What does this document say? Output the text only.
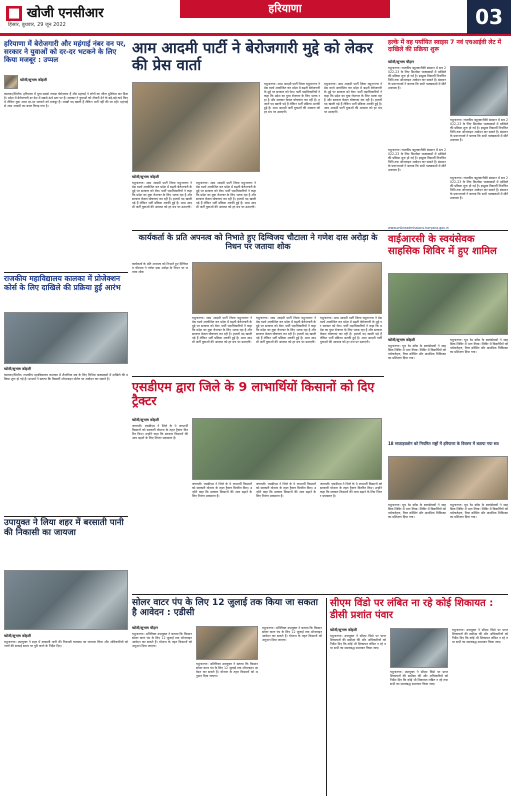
■ खोजी एनसीआर
हिसार, बुधवार, 29 जून 2022
हरियाणा	03
हरियाणा में बेरोजगारी और महंगाई नंबर वन पर, सरकार ने युवाओं को दर-दर भटकने के लिए किया मजबूर : उप्पल
खोजी/सुभाष कोहली
कालका/पिंजौर। हरियाणा में युवा सबसे ज्यादा बेरोजगार हैं और महंगाई ने लोगों का जीना मुश्किल कर दिया है। प्रदेश में बेरोजगारी दर देश में सबसे ऊंचे स्तर पर है। सरकार ने युवाओं को नौकरी देने के बड़े-बड़े वादे किए थे लेकिन युवा आज दर-दर भटकने को मजबूर हैं। लाखों पद खाली हैं लेकिन भर्ती नहीं की जा रही। महंगाई से आम आदमी का बजट बिगड़ गया है।
आम आदमी पार्टी ने बेरोजगारी मुद्दे को लेकर की प्रेस वार्ता
खोजी/सुभाष कोहली
यमुनानगर। आम आदमी पार्टी जिला यमुनानगर ने प्रेस वार्ता आयोजित कर प्रदेश में बढ़ती बेरोजगारी के मुद्दे पर सरकार को घेरा। पार्टी पदाधिकारियों ने कहा कि प्रदेश का युवा रोजगार के लिए भटक रहा है और सरकार केवल घोषणाएं कर रही है। हजारों पद खाली पड़े हैं लेकिन भर्ती प्रक्रिया अटकी हुई है। आम आदमी पार्टी युवाओं की आवाज को हर मंच पर उठाएगी।
यमुनानगर। आम आदमी पार्टी जिला यमुनानगर ने प्रेस वार्ता आयोजित कर प्रदेश में बढ़ती बेरोजगारी के मुद्दे पर सरकार को घेरा। पार्टी पदाधिकारियों ने कहा कि प्रदेश का युवा रोजगार के लिए भटक रहा है और सरकार केवल घोषणाएं कर रही है। हजारों पद खाली पड़े हैं लेकिन भर्ती प्रक्रिया अटकी हुई है। आम आदमी पार्टी युवाओं की आवाज को हर मंच पर उठाएगी।
यमुनानगर। आम आदमी पार्टी जिला यमुनानगर ने प्रेस वार्ता आयोजित कर प्रदेश में बढ़ती बेरोजगारी के मुद्दे पर सरकार को घेरा। पार्टी पदाधिकारियों ने कहा कि प्रदेश का युवा रोजगार के लिए भटक रहा है और सरकार केवल घोषणाएं कर रही है। हजारों पद खाली पड़े हैं लेकिन भर्ती प्रक्रिया अटकी हुई है। आम आदमी पार्टी युवाओं की आवाज को हर मंच पर उठाएगी।
यमुनानगर। आम आदमी पार्टी जिला यमुनानगर ने प्रेस वार्ता आयोजित कर प्रदेश में बढ़ती बेरोजगारी के मुद्दे पर सरकार को घेरा। पार्टी पदाधिकारियों ने कहा कि प्रदेश का युवा रोजगार के लिए भटक रहा है और सरकार केवल घोषणाएं कर रही है। हजारों पद खाली पड़े हैं लेकिन भर्ती प्रक्रिया अटकी हुई है। आम आदमी पार्टी युवाओं की आवाज को हर मंच पर उठाएगी।
हल्के में वह पर्यायित स्वाइस 7 नवं एचआईवी लेट में दाखिले की प्रक्रिया शुरू
खोजी/सुभाष चौहान
यमुनानगर। राजकीय बहुतकनीकी संस्थान में सत्र 2022-23 के लिए डिप्लोमा पाठ्यक्रमों में दाखिले की प्रक्रिया शुरू हो गई है। इच्छुक विद्यार्थी निर्धारित तिथि तक ऑनलाइन आवेदन कर सकते हैं। संस्थान के प्रधानाचार्य ने बताया कि सभी पाठ्यक्रमों में सीटें उपलब्ध हैं।
यमुनानगर। राजकीय बहुतकनीकी संस्थान में सत्र 2022-23 के लिए डिप्लोमा पाठ्यक्रमों में दाखिले की प्रक्रिया शुरू हो गई है। इच्छुक विद्यार्थी निर्धारित तिथि तक ऑनलाइन आवेदन कर सकते हैं। संस्थान के प्रधानाचार्य ने बताया कि सभी पाठ्यक्रमों में सीटें उपलब्ध हैं।
यमुनानगर। राजकीय बहुतकनीकी संस्थान में सत्र 2022-23 के लिए डिप्लोमा पाठ्यक्रमों में दाखिले की प्रक्रिया शुरू हो गई है। इच्छुक विद्यार्थी निर्धारित तिथि तक ऑनलाइन आवेदन कर सकते हैं। संस्थान के प्रधानाचार्य ने बताया कि सभी पाठ्यक्रमों में सीटें उपलब्ध हैं।
यमुनानगर। राजकीय बहुतकनीकी संस्थान में सत्र 2022-23 के लिए डिप्लोमा पाठ्यक्रमों में दाखिले की प्रक्रिया शुरू हो गई है। इच्छुक विद्यार्थी निर्धारित तिथि तक ऑनलाइन आवेदन कर सकते हैं। संस्थान के प्रधानाचार्य ने बताया कि सभी पाठ्यक्रमों में सीटें उपलब्ध हैं।
www.onlineadmissions.haryana.gov.in
कार्यकर्ता के प्रति अपनत्व को निभाते हुए दिग्विजय चौटाला ने गणेश दास अरोड़ा के निधन पर जताया शोक
वाईआरसी के स्वयंसेवक साहसिक शिविर में हुए शामिल
खोजी/सुभाष कोहली
यमुनानगर। यूथ रेड क्रॉस के स्वयंसेवकों ने साहसिक शिविर में भाग लिया। शिविर में विद्यार्थियों को पर्वतारोहण, रिवर क्रॉसिंग और प्राथमिक चिकित्सा का प्रशिक्षण दिया गया।
यमुनानगर। यूथ रेड क्रॉस के स्वयंसेवकों ने साहसिक शिविर में भाग लिया। शिविर में विद्यार्थियों को पर्वतारोहण, रिवर क्रॉसिंग और प्राथमिक चिकित्सा का प्रशिक्षण दिया गया।
18 सप्ताहवलोन को नियमित राष्ट्रों में हरियाणा के विवरण में बताया गया सत्र
यमुनानगर। यूथ रेड क्रॉस के स्वयंसेवकों ने साहसिक शिविर में भाग लिया। शिविर में विद्यार्थियों को पर्वतारोहण, रिवर क्रॉसिंग और प्राथमिक चिकित्सा का प्रशिक्षण दिया गया।
यमुनानगर। यूथ रेड क्रॉस के स्वयंसेवकों ने साहसिक शिविर में भाग लिया। शिविर में विद्यार्थियों को पर्वतारोहण, रिवर क्रॉसिंग और प्राथमिक चिकित्सा का प्रशिक्षण दिया गया।
कार्यकर्ता के प्रति अपनत्व को निभाते हुए दिग्विजय चौटाला ने गणेश दास अरोड़ा के निधन पर जताया शोक
यमुनानगर। आम आदमी पार्टी जिला यमुनानगर ने प्रेस वार्ता आयोजित कर प्रदेश में बढ़ती बेरोजगारी के मुद्दे पर सरकार को घेरा। पार्टी पदाधिकारियों ने कहा कि प्रदेश का युवा रोजगार के लिए भटक रहा है और सरकार केवल घोषणाएं कर रही है। हजारों पद खाली पड़े हैं लेकिन भर्ती प्रक्रिया अटकी हुई है। आम आदमी पार्टी युवाओं की आवाज को हर मंच पर उठाएगी।
यमुनानगर। आम आदमी पार्टी जिला यमुनानगर ने प्रेस वार्ता आयोजित कर प्रदेश में बढ़ती बेरोजगारी के मुद्दे पर सरकार को घेरा। पार्टी पदाधिकारियों ने कहा कि प्रदेश का युवा रोजगार के लिए भटक रहा है और सरकार केवल घोषणाएं कर रही है। हजारों पद खाली पड़े हैं लेकिन भर्ती प्रक्रिया अटकी हुई है। आम आदमी पार्टी युवाओं की आवाज को हर मंच पर उठाएगी।
यमुनानगर। आम आदमी पार्टी जिला यमुनानगर ने प्रेस वार्ता आयोजित कर प्रदेश में बढ़ती बेरोजगारी के मुद्दे पर सरकार को घेरा। पार्टी पदाधिकारियों ने कहा कि प्रदेश का युवा रोजगार के लिए भटक रहा है और सरकार केवल घोषणाएं कर रही है। हजारों पद खाली पड़े हैं लेकिन भर्ती प्रक्रिया अटकी हुई है। आम आदमी पार्टी युवाओं की आवाज को हर मंच पर उठाएगी।
राजकीय महाविद्यालय कालका में प्रोजेक्शन कोर्स के लिए दाखिले की प्रक्रिया हुई आरंभ
खोजी/सुभाष कोहली
कालका/पिंजौर। राजकीय महाविद्यालय कालका में शैक्षणिक सत्र के लिए विभिन्न पाठ्यक्रमों में दाखिले की प्रक्रिया शुरू हो गई है। प्राचार्य ने बताया कि विद्यार्थी ऑनलाइन पोर्टल पर आवेदन कर सकते हैं।	एसडीएम द्वारा जिले के 9 लाभार्थियों किसानों को दिए ट्रैक्टर
खोजी/सुभाष कोहली
जगाधरी। एसडीएम ने जिले के 9 लाभार्थी किसानों को सरकारी योजना के तहत ट्रैक्टर वितरित किए। उन्होंने कहा कि सरकार किसानों की आय बढ़ाने के लिए निरंतर प्रयासरत है।
जगाधरी। एसडीएम ने जिले के 9 लाभार्थी किसानों को सरकारी योजना के तहत ट्रैक्टर वितरित किए। उन्होंने कहा कि सरकार किसानों की आय बढ़ाने के लिए निरंतर प्रयासरत है।
जगाधरी। एसडीएम ने जिले के 9 लाभार्थी किसानों को सरकारी योजना के तहत ट्रैक्टर वितरित किए। उन्होंने कहा कि सरकार किसानों की आय बढ़ाने के लिए निरंतर प्रयासरत है।
जगाधरी। एसडीएम ने जिले के 9 लाभार्थी किसानों को सरकारी योजना के तहत ट्रैक्टर वितरित किए। उन्होंने कहा कि सरकार किसानों की आय बढ़ाने के लिए निरंतर प्रयासरत है।
उपायुक्त ने लिया शहर में बरसाती पानी की निकासी का जायजा
खोजी/सुभाष कोहली
यमुनानगर। उपायुक्त ने शहर में बरसाती पानी की निकासी व्यवस्था का जायजा लिया और अधिकारियों को नालों की सफाई समय पर पूरी करने के निर्देश दिए।
सोलर वाटर पंप के लिए 12 जुलाई तक किया जा सकता है आवेदन : एडीसी
खोजी/सुभाष चौहान
यमुनानगर। अतिरिक्त उपायुक्त ने बताया कि किसान सोलर वाटर पंप के लिए 12 जुलाई तक ऑनलाइन आवेदन कर सकते हैं। योजना के तहत किसानों को अनुदान दिया जाएगा।
यमुनानगर। अतिरिक्त उपायुक्त ने बताया कि किसान सोलर वाटर पंप के लिए 12 जुलाई तक ऑनलाइन आवेदन कर सकते हैं। योजना के तहत किसानों को अनुदान दिया जाएगा।
यमुनानगर। अतिरिक्त उपायुक्त ने बताया कि किसान सोलर वाटर पंप के लिए 12 जुलाई तक ऑनलाइन आवेदन कर सकते हैं। योजना के तहत किसानों को अनुदान दिया जाएगा।
सीएम विंडो पर लंबित ना रहे कोई शिकायत : डीसी प्रशांत पंवार
खोजी/सुभाष कोहली
यमुनानगर। उपायुक्त ने सीएम विंडो पर प्राप्त शिकायतों की समीक्षा की और अधिकारियों को निर्देश दिए कि कोई भी शिकायत लंबित न रहे तथा सभी का समयबद्ध समाधान किया जाए।
यमुनानगर। उपायुक्त ने सीएम विंडो पर प्राप्त शिकायतों की समीक्षा की और अधिकारियों को निर्देश दिए कि कोई भी शिकायत लंबित न रहे तथा सभी का समयबद्ध समाधान किया जाए।
यमुनानगर। उपायुक्त ने सीएम विंडो पर प्राप्त शिकायतों की समीक्षा की और अधिकारियों को निर्देश दिए कि कोई भी शिकायत लंबित न रहे तथा सभी का समयबद्ध समाधान किया जाए।
